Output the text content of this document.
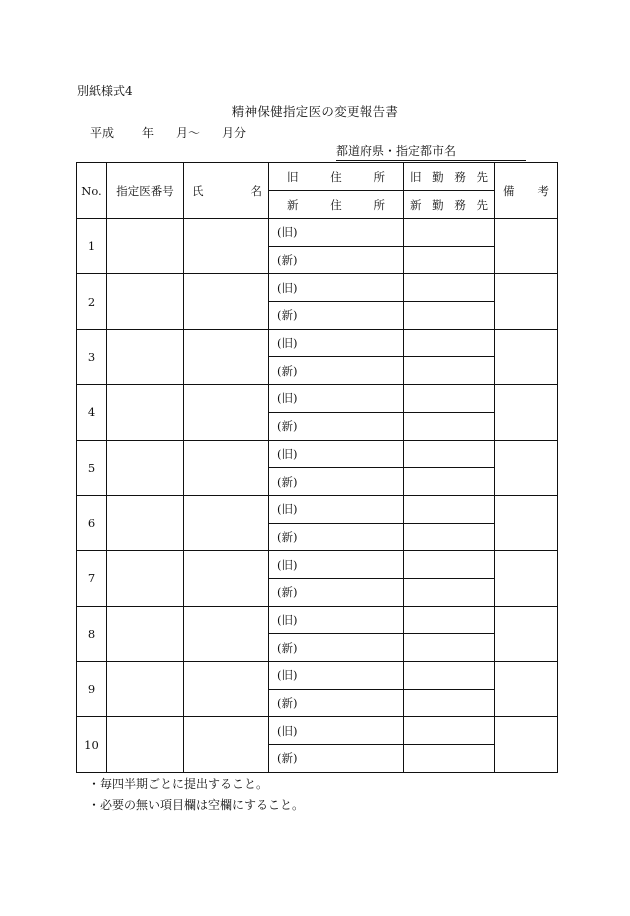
別紙様式4
精神保健指定医の変更報告書
平成 年 月〜 月分
都道府県・指定都市名
No.	指定医番号	氏 名	旧 住 所	旧 勤 務 先	備 考

			新 住 所	新 勤 務 先	

1			(旧)		
			(新)		
2			(旧)		
			(新)		
3			(旧)		
			(新)		
4			(旧)		
			(新)		
5			(旧)		
			(新)		
6			(旧)		
			(新)		
7			(旧)		
			(新)		
8			(旧)		
			(新)		
9			(旧)		
			(新)		
10			(旧)		
			(新)		
・毎四半期ごとに提出すること。
・必要の無い項目欄は空欄にすること。
